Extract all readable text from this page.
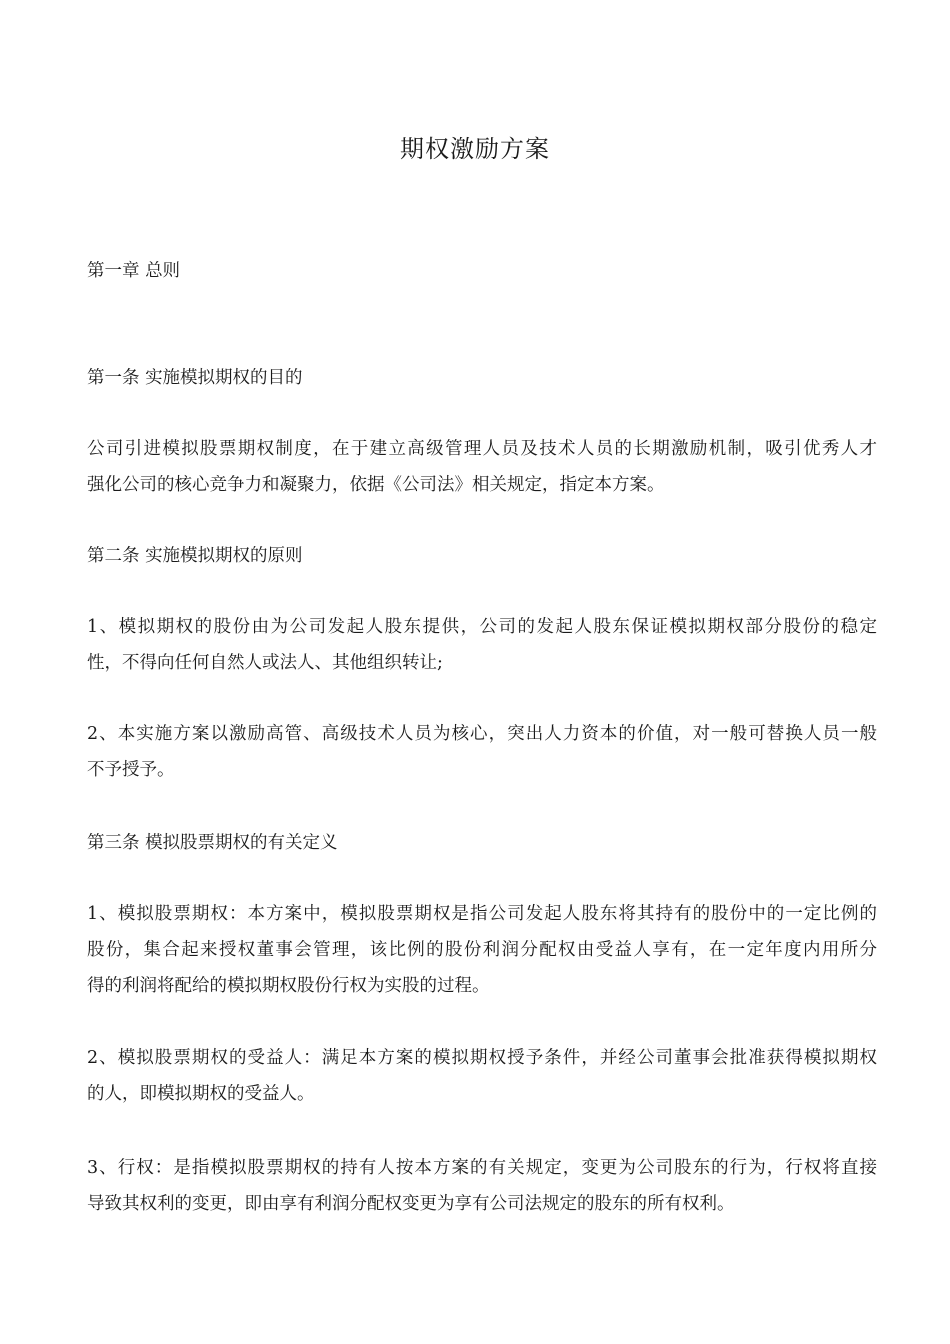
期权激励方案
第一章 总则
第一条 实施模拟期权的目的
公司引进模拟股票期权制度，在于建立高级管理人员及技术人员的长期激励机制，吸引优秀人才
强化公司的核心竞争力和凝聚力，依据《公司法》相关规定，指定本方案。
第二条 实施模拟期权的原则
1、模拟期权的股份由为公司发起人股东提供，公司的发起人股东保证模拟期权部分股份的稳定
性，不得向任何自然人或法人、其他组织转让;
2、本实施方案以激励高管、高级技术人员为核心，突出人力资本的价值，对一般可替换人员一般
不予授予。
第三条 模拟股票期权的有关定义
1、模拟股票期权：本方案中，模拟股票期权是指公司发起人股东将其持有的股份中的一定比例的
股份，集合起来授权董事会管理，该比例的股份利润分配权由受益人享有，在一定年度内用所分
得的利润将配给的模拟期权股份行权为实股的过程。
2、模拟股票期权的受益人：满足本方案的模拟期权授予条件，并经公司董事会批准获得模拟期权
的人，即模拟期权的受益人。
3、行权：是指模拟股票期权的持有人按本方案的有关规定，变更为公司股东的行为，行权将直接
导致其权利的变更，即由享有利润分配权变更为享有公司法规定的股东的所有权利。
